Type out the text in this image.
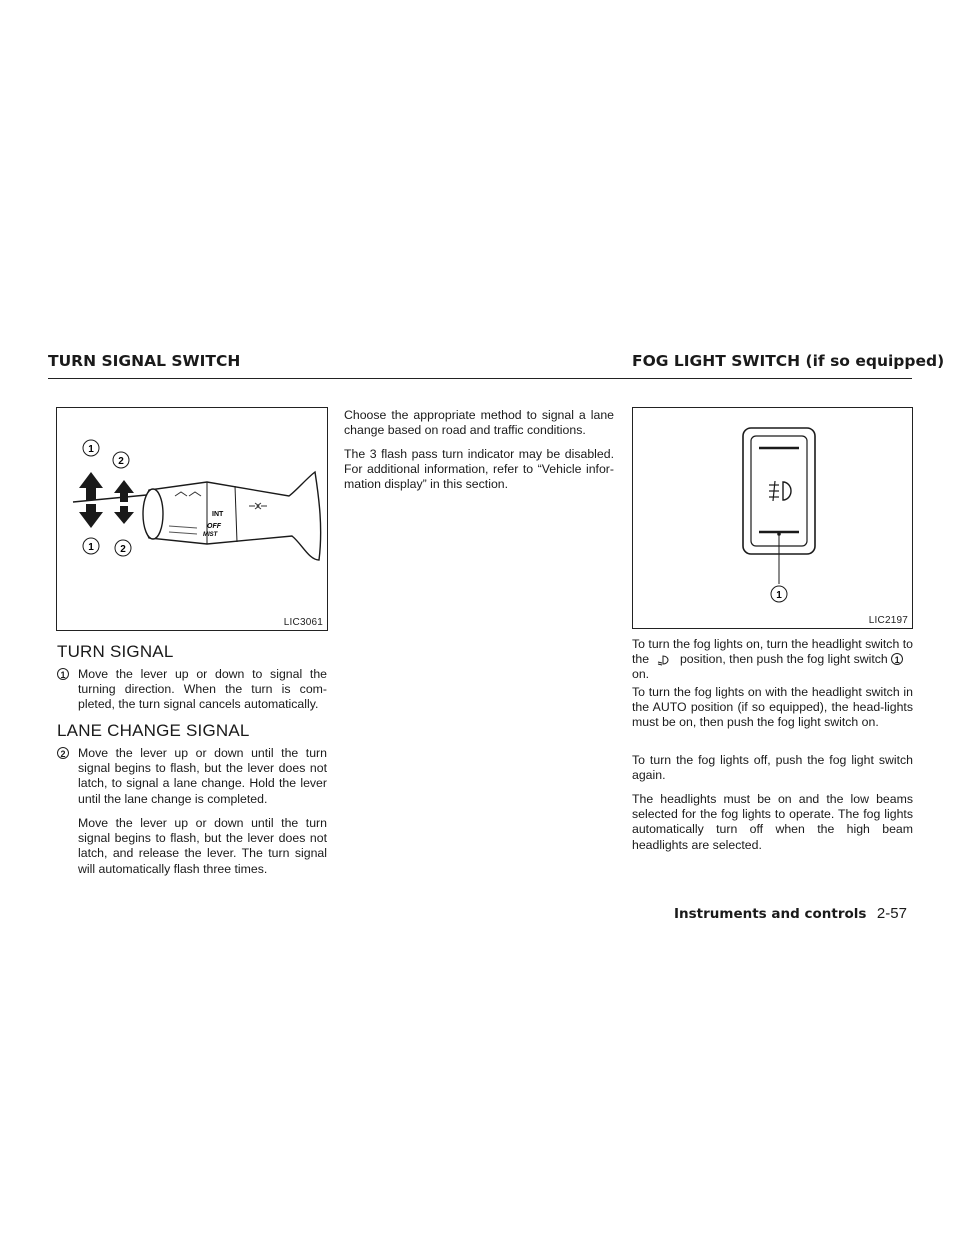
TURN SIGNAL SWITCH	FOG LIGHT SWITCH (if so equipped)
1
2
1	2
INT
OFF
MIST
LIC3061
1
LIC2197
TURN SIGNAL
1 Move the lever up or down to signal the turning direction. When the turn is com-pleted, the turn signal cancels automatically.

LANE CHANGE SIGNAL
2 Move the lever up or down until the turn signal begins to flash, but the lever does not latch, to signal a lane change. Hold the lever until the lane change is completed.

Move the lever up or down until the turn signal begins to flash, but the lever does not latch, and release the lever. The turn signal will automatically flash three times.

Choose the appropriate method to signal a lane change based on road and traffic conditions.

The 3 flash pass turn indicator may be disabled. For additional information, refer to “Vehicle infor-mation display” in this section.

To turn the fog lights on, turn the headlight switch to the	position, then push the fog light switch 1 on.

To turn the fog lights on with the headlight switch in the AUTO position (if so equipped), the head-lights must be on, then push the fog light switch on.

To turn the fog lights off, push the fog light switch again.

The headlights must be on and the low beams selected for the fog lights to operate. The fog lights automatically turn off when the high beam headlights are selected.

Instruments and controls 2-57
